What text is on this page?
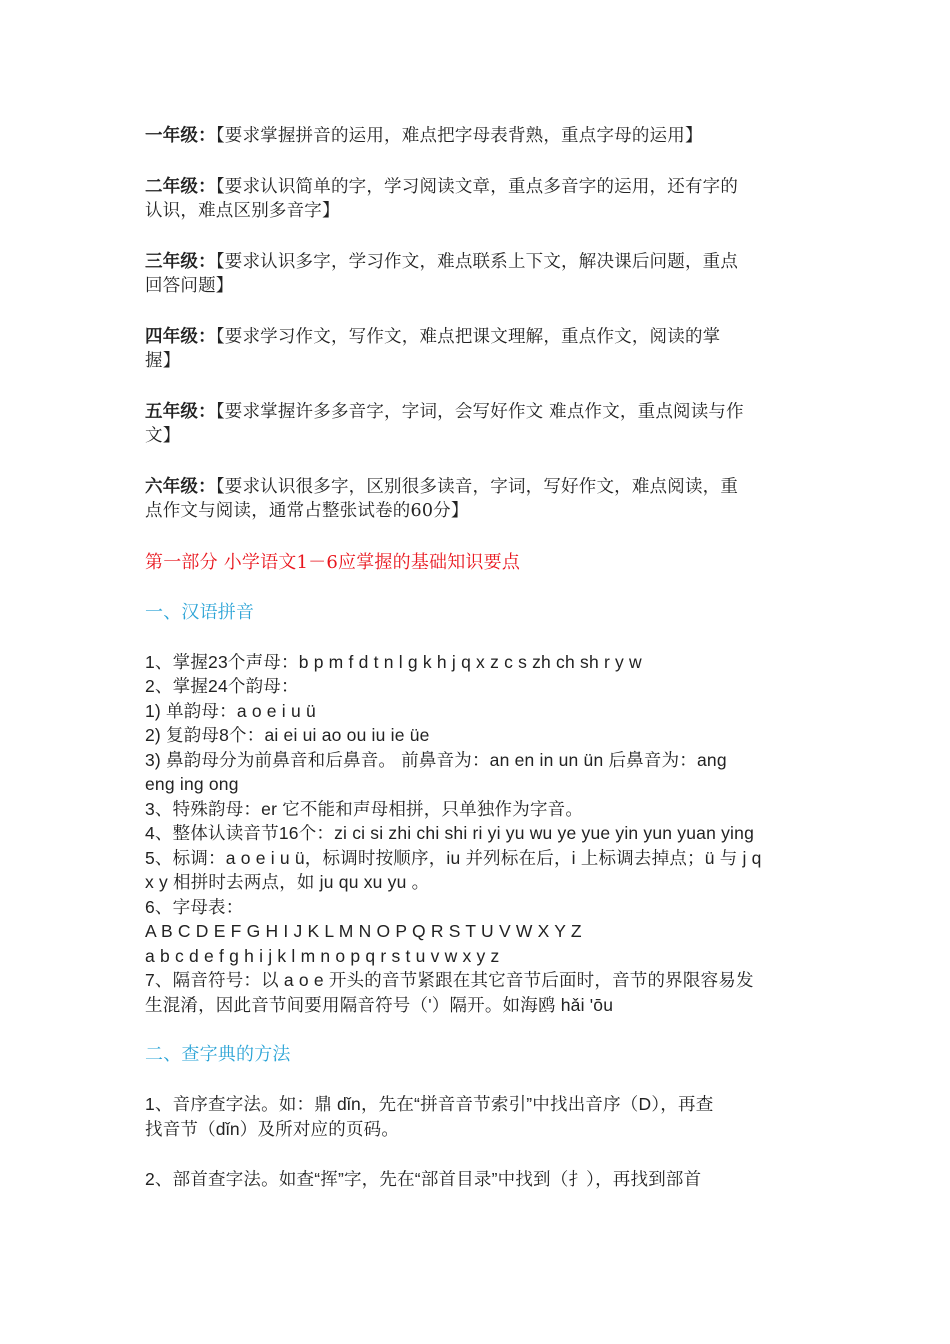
一年级：【要求掌握拼音的运用，难点把字母表背熟，重点字母的运用】
二年级：【要求认识简单的字，学习阅读文章，重点多音字的运用，还有字的
认识，难点区别多音字】
三年级：【要求认识多字，学习作文，难点联系上下文，解决课后问题，重点
回答问题】
四年级：【要求学习作文，写作文，难点把课文理解，重点作文，阅读的掌
握】
五年级：【要求掌握许多多音字，字词，会写好作文 难点作文，重点阅读与作
文】
六年级：【要求认识很多字，区别很多读音，字词，写好作文，难点阅读，重
点作文与阅读，通常占整张试卷的60分】
第一部分 小学语文1－6应掌握的基础知识要点
一、汉语拼音
1、掌握23个声母：b p m f d t n l g k h j q x z c s zh ch sh r y w
2、掌握24个韵母：
1) 单韵母：a o e i u ü
2) 复韵母8个：ai ei ui ao ou iu ie üe
3) 鼻韵母分为前鼻音和后鼻音。 前鼻音为：an en in un ün 后鼻音为：ang
eng ing ong
3、特殊韵母：er 它不能和声母相拼，只单独作为字音。
4、整体认读音节16个：zi ci si zhi chi shi ri yi yu wu ye yue yin yun yuan ying
5、标调：a o e i u ü，标调时按顺序，iu 并列标在后，i 上标调去掉点；ü 与 j q
x y 相拼时去两点，如 ju qu xu yu 。
6、字母表：
A B C D E F G H I J K L M N O P Q R S T U V W X Y Z
a b c d e f g h i j k l m n o p q r s t u v w x y z
7、隔音符号：以 a o e 开头的音节紧跟在其它音节后面时，音节的界限容易发
生混淆，因此音节间要用隔音符号（'）隔开。如海鸥 hǎi 'ōu
二、查字典的方法
1、音序查字法。如：鼎 dǐn，先在“拼音音节索引”中找出音序（D），再查
找音节（dǐn）及所对应的页码。
2、部首查字法。如查“挥”字，先在“部首目录”中找到（扌），再找到部首
